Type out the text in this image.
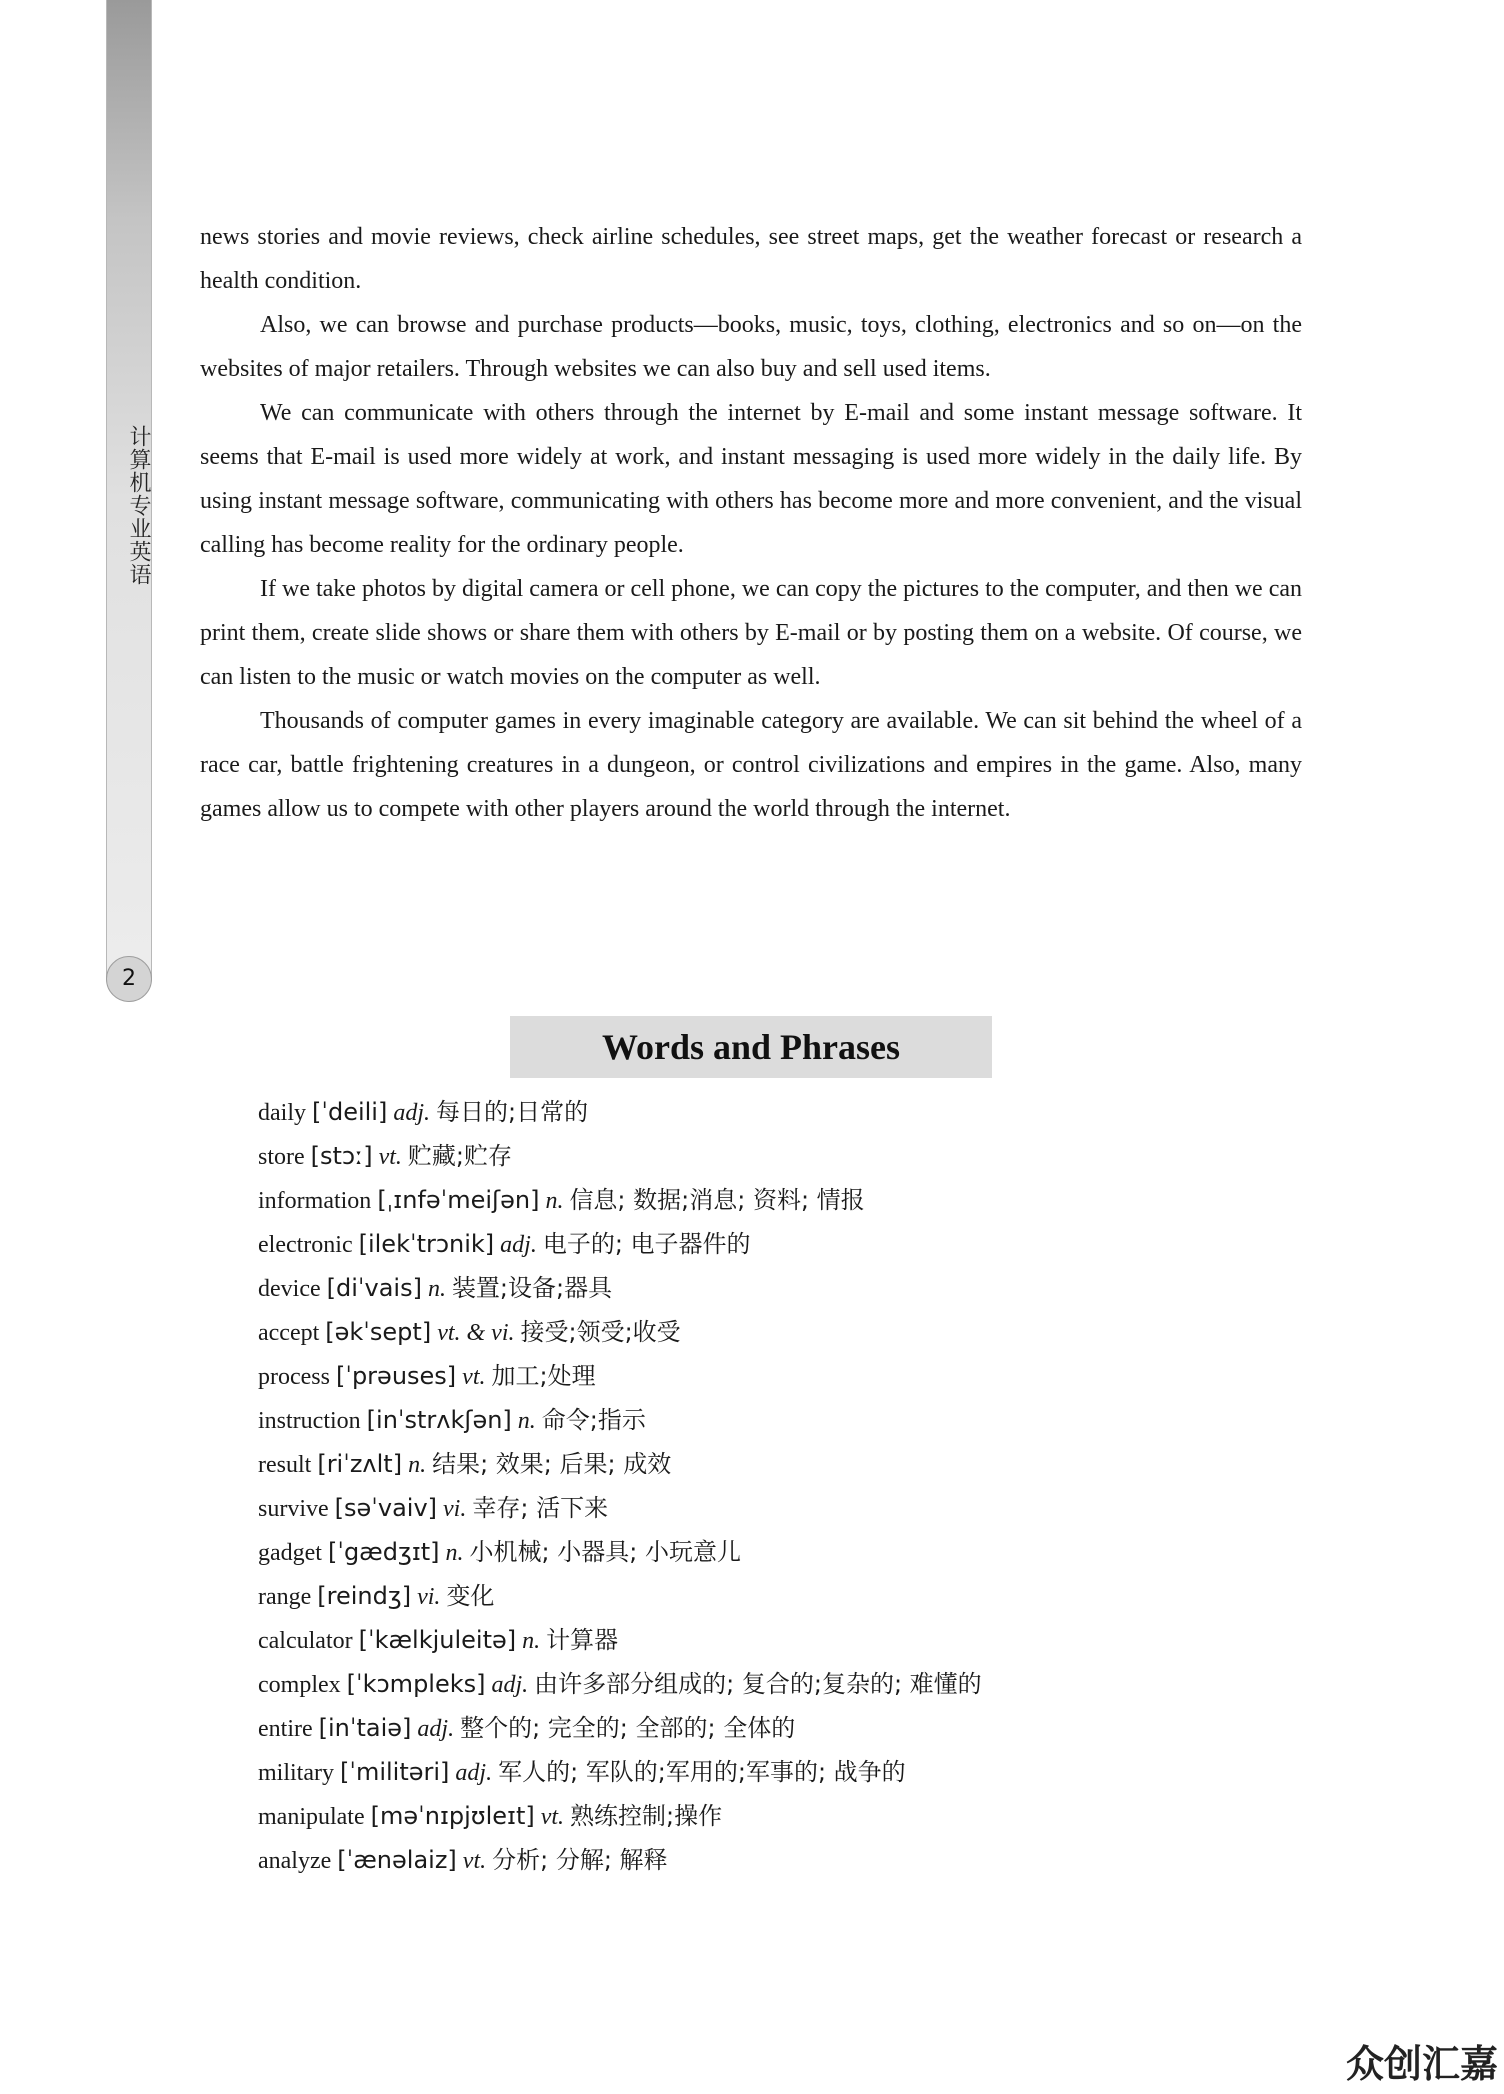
计算机专业英语
2

news stories and movie reviews, check airline schedules, see street maps, get the weather forecast or research a health condition.

Also, we can browse and purchase products—books, music, toys, clothing, electronics and so on—on the websites of major retailers. Through websites we can also buy and sell used items.

We can communicate with others through the internet by E-mail and some instant message software. It seems that E-mail is used more widely at work, and instant messaging is used more widely in the daily life. By using instant message software, communicating with others has become more and more convenient, and the visual calling has become reality for the ordinary people.

If we take photos by digital camera or cell phone, we can copy the pictures to the computer, and then we can print them, create slide shows or share them with others by E-mail or by posting them on a website. Of course, we can listen to the music or watch movies on the computer as well.

Thousands of computer games in every imaginable category are available. We can sit behind the wheel of a race car, battle frightening creatures in a dungeon, or control civilizations and empires in the game. Also, many games allow us to compete with other players around the world through the internet.

Words and Phrases
daily [ˈdeili] adj. 每日的;日常的
store [stɔː] vt. 贮藏;贮存
information [ˌɪnfəˈmeiʃən] n. 信息; 数据;消息; 资料; 情报
electronic [ilekˈtrɔnik] adj. 电子的; 电子器件的
device [diˈvais] n. 装置;设备;器具
accept [əkˈsept] vt. & vi. 接受;领受;收受
process [ˈprəuses] vt. 加工;处理
instruction [inˈstrʌkʃən] n. 命令;指示
result [riˈzʌlt] n. 结果; 效果; 后果; 成效
survive [səˈvaiv] vi. 幸存; 活下来
gadget [ˈgædʒɪt] n. 小机械; 小器具; 小玩意儿
range [reindʒ] vi. 变化
calculator [ˈkælkjuleitə] n. 计算器
complex [ˈkɔmpleks] adj. 由许多部分组成的; 复合的;复杂的; 难懂的
entire [inˈtaiə] adj. 整个的; 完全的; 全部的; 全体的
military [ˈmilitəri] adj. 军人的; 军队的;军用的;军事的; 战争的
manipulate [məˈnɪpjʊleɪt] vt. 熟练控制;操作
analyze [ˈænəlaiz] vt. 分析; 分解; 解释
众创汇嘉
